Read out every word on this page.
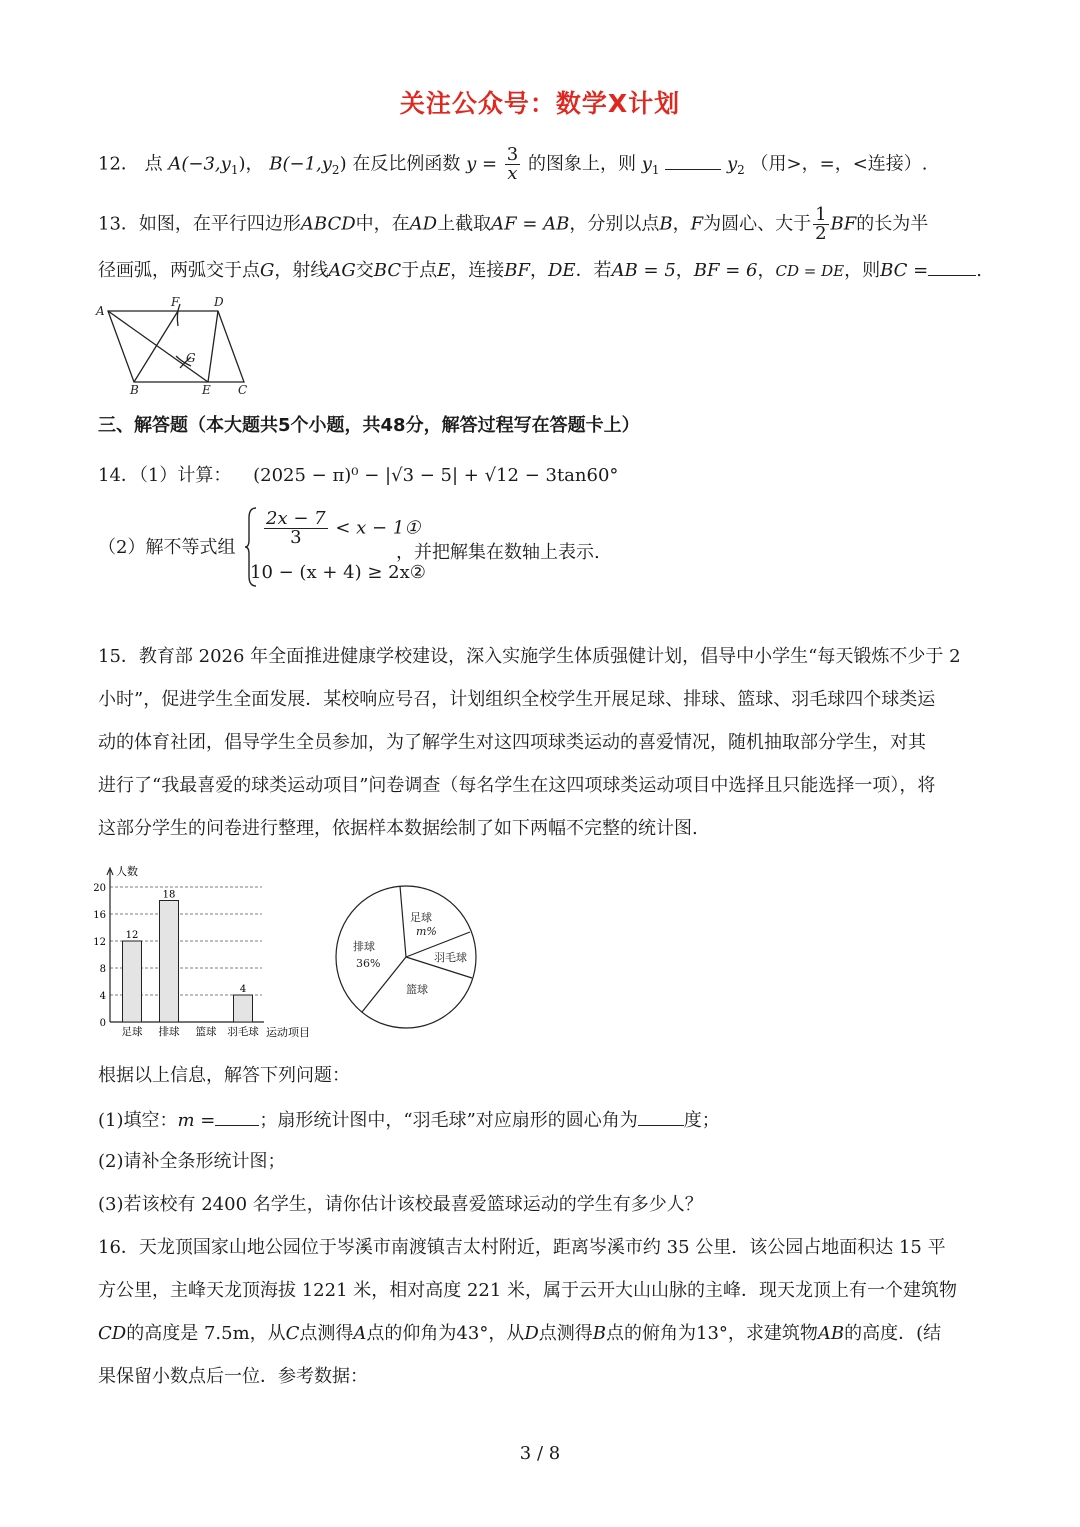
关注公众号：数学X计划
12． 点 $A(-3,y_1)$， $B(-1,y_2)$ 在反比例函数 $y = \frac{3}{x}$ 的图象上，则 $y_1$	$y_2$ （用>，=，<连接）.
13．如图，在平行四边形ABCD中，在AD上截取AF = AB，分别以点B，F为圆心、大于 $\frac{1}{2}$ BF的长为半
径画弧，两弧交于点G，射线AG交BC于点E，连接BF，DE．若AB = 5，BF = 6，CD = DE，则BC =	.
A
F	D
G
B	E C
三、解答题（本大题共5个小题，共48分，解答过程写在答题卡上）
14．（1）计算： (2025 − π)⁰ − |√3 − 5| + √12 − 3tan60°
（2）解不等式组
$\frac{2x - 7}{3} < x$ − 1①
10 − (x + 4) ≥ 2x②
，并把解集在数轴上表示.
15．教育部 2026 年全面推进健康学校建设，深入实施学生体质强健计划，倡导中小学生“每天锻炼不少于 2
小时”，促进学生全面发展．某校响应号召，计划组织全校学生开展足球、排球、篮球、羽毛球四个球类运
动的体育社团，倡导学生全员参加，为了解学生对这四项球类运动的喜爱情况，随机抽取部分学生，对其
进行了“我最喜爱的球类运动项目”问卷调查（每名学生在这四项球类运动项目中选择且只能选择一项），将
这部分学生的问卷进行整理，依据样本数据绘制了如下两幅不完整的统计图.
人数
运动项目
0
4
8
12
16
20
12
足球
18
排球 篮球
4
羽毛球
足球
m%
羽毛球
篮球
排球
36%
根据以上信息，解答下列问题：
(1)填空：m = ；扇形统计图中，“羽毛球”对应扇形的圆心角为	度；
(2)请补全条形统计图；
(3)若该校有 2400 名学生，请你估计该校最喜爱篮球运动的学生有多少人？
16．天龙顶国家山地公园位于岑溪市南渡镇吉太村附近，距离岑溪市约 35 公里．该公园占地面积达 15 平
方公里，主峰天龙顶海拔 1221 米，相对高度 221 米，属于云开大山山脉的主峰．现天龙顶上有一个建筑物
CD的高度是 7.5m，从C点测得A点的仰角为43°，从D点测得B点的俯角为13°，求建筑物AB的高度．(结
果保留小数点后一位．参考数据：
3 / 8
